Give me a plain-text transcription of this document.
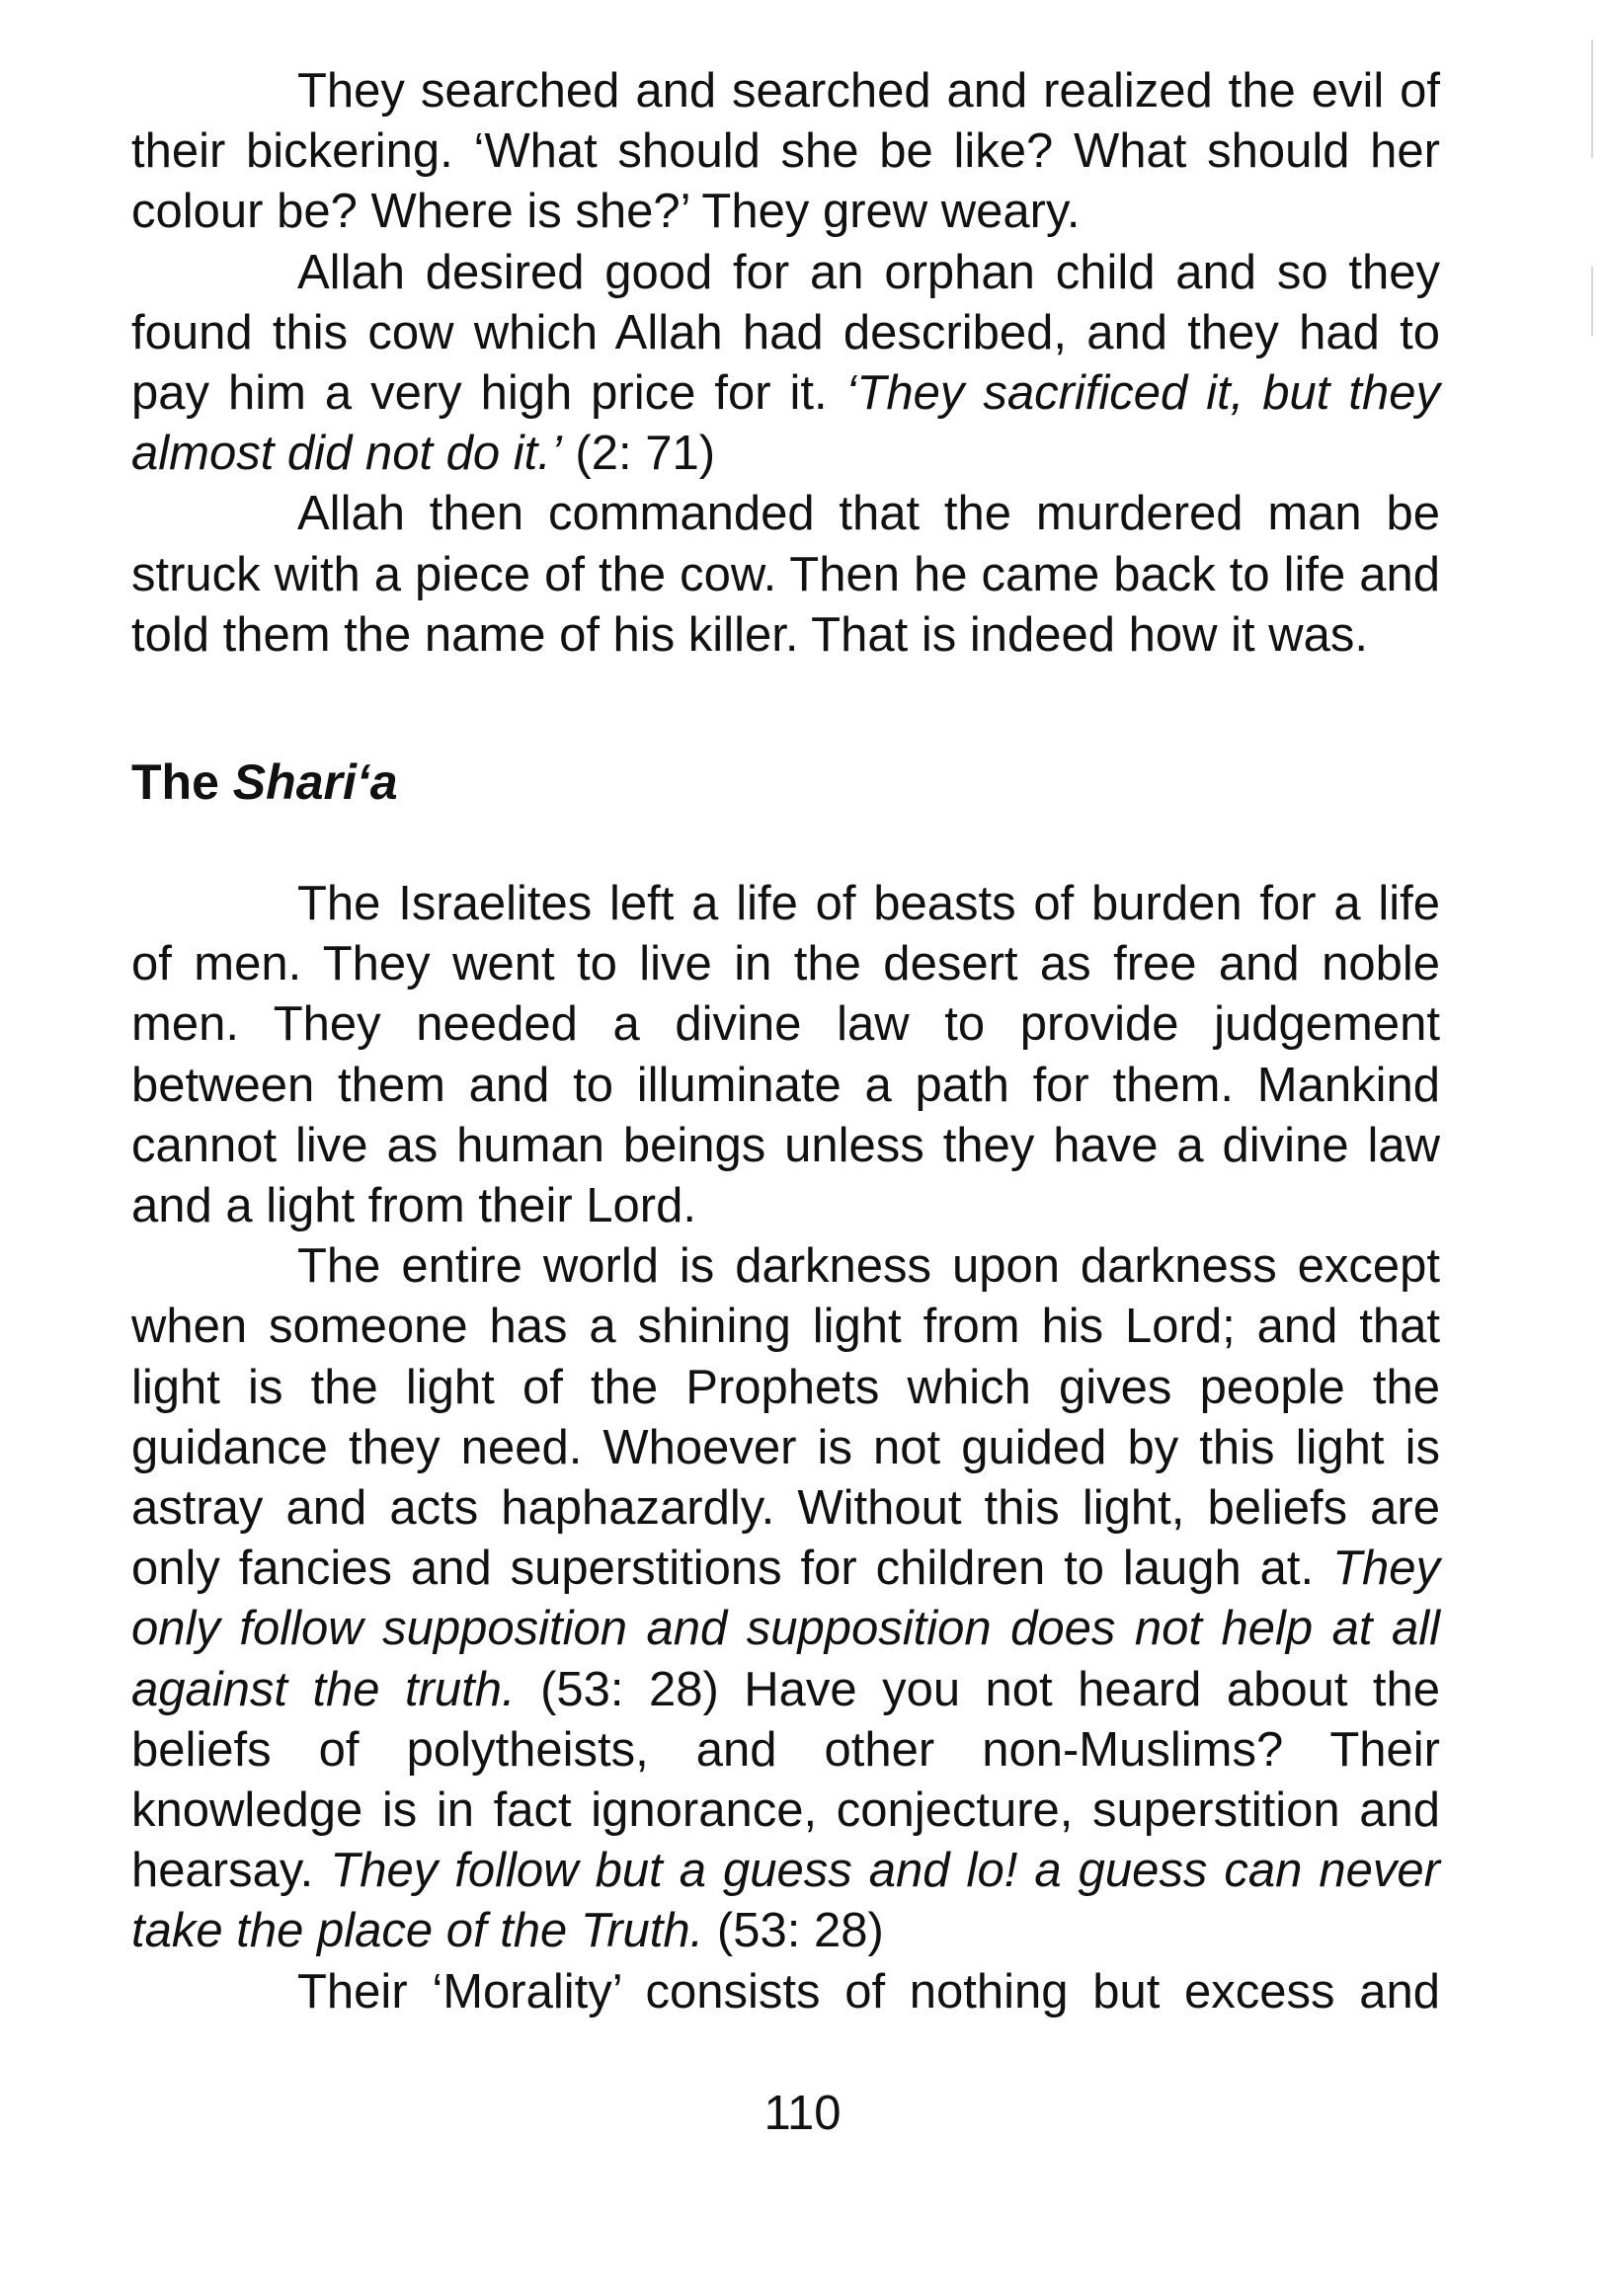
They searched and searched and realized the evil of their bickering. ‘What should she be like? What should her colour be? Where is she?’ They grew weary.

Allah desired good for an orphan child and so they found this cow which Allah had described, and they had to pay him a very high price for it. ‘They sacrificed it, but they almost did not do it.’ (2: 71)

Allah then commanded that the murdered man be struck with a piece of the cow. Then he came back to life and told them the name of his killer. That is indeed how it was.

The Shari‘a

The Israelites left a life of beasts of burden for a life of men. They went to live in the desert as free and noble men. They needed a divine law to provide judgement between them and to illuminate a path for them. Mankind cannot live as human beings unless they have a divine law and a light from their Lord.

The entire world is darkness upon darkness except when someone has a shining light from his Lord; and that light is the light of the Prophets which gives people the guidance they need. Whoever is not guided by this light is astray and acts haphazardly. Without this light, beliefs are only fancies and superstitions for children to laugh at. They only follow supposition and supposition does not help at all against the truth. (53: 28) Have you not heard about the beliefs of polytheists, and other non-Muslims? Their knowledge is in fact ignorance, conjecture, superstition and hearsay. They follow but a guess and lo! a guess can never take the place of the Truth. (53: 28)

Their ‘Morality’ consists of nothing but excess and

110
